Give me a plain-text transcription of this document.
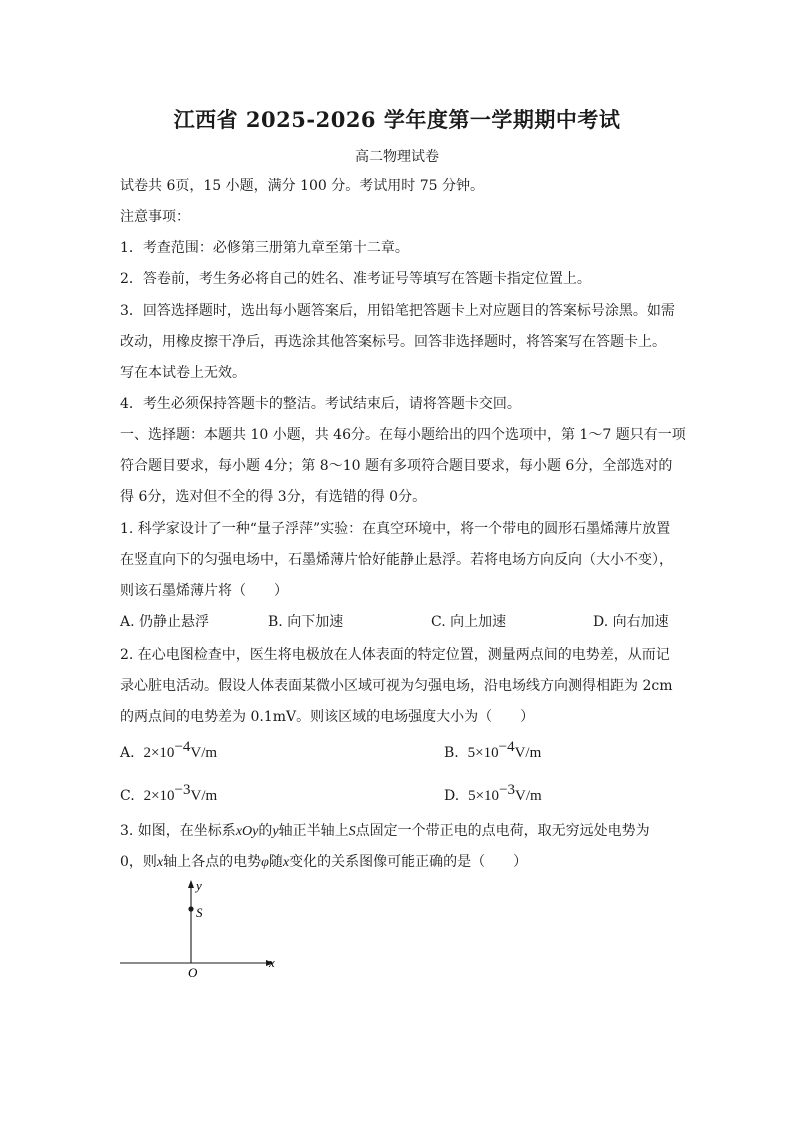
江西省 2025-2026 学年度第一学期期中考试
高二物理试卷
试卷共 6页，15 小题，满分 100 分。考试用时 75 分钟。
注意事项：
1．考查范围：必修第三册第九章至第十二章。
2．答卷前，考生务必将自己的姓名、准考证号等填写在答题卡指定位置上。
3．回答选择题时，选出每小题答案后，用铅笔把答题卡上对应题目的答案标号涂黑。如需
改动，用橡皮擦干净后，再选涂其他答案标号。回答非选择题时，将答案写在答题卡上。
写在本试卷上无效。
4．考生必须保持答题卡的整洁。考试结束后，请将答题卡交回。
一、选择题：本题共 10 小题，共 46分。在每小题给出的四个选项中，第 1～7 题只有一项
符合题目要求，每小题 4分；第 8～10 题有多项符合题目要求，每小题 6分，全部选对的
得 6分，选对但不全的得 3分，有选错的得 0分。
1. 科学家设计了一种“量子浮萍”实验：在真空环境中，将一个带电的圆形石墨烯薄片放置
在竖直向下的匀强电场中，石墨烯薄片恰好能静止悬浮。若将电场方向反向（大小不变），
则该石墨烯薄片将（　　）
A. 仍静止悬浮	B. 向下加速	C. 向上加速	D. 向右加速
2. 在心电图检查中，医生将电极放在人体表面的特定位置，测量两点间的电势差，从而记
录心脏电活动。假设人体表面某微小区域可视为匀强电场，沿电场线方向测得相距为 2cm
的两点间的电势差为 0.1mV。则该区域的电场强度大小为（　　）
A. $2\times 10^{-4}V/m$	B. $5\times 10^{-4}V/m$
C. $2\times 10^{-3}V/m$	D. $5\times 10^{-3}V/m$
3. 如图，在坐标系xOy的y轴正半轴上S点固定一个带正电的点电荷，取无穷远处电势为
0，则x轴上各点的电势φ随x变化的关系图像可能正确的是（　　）
y
S
O
x
